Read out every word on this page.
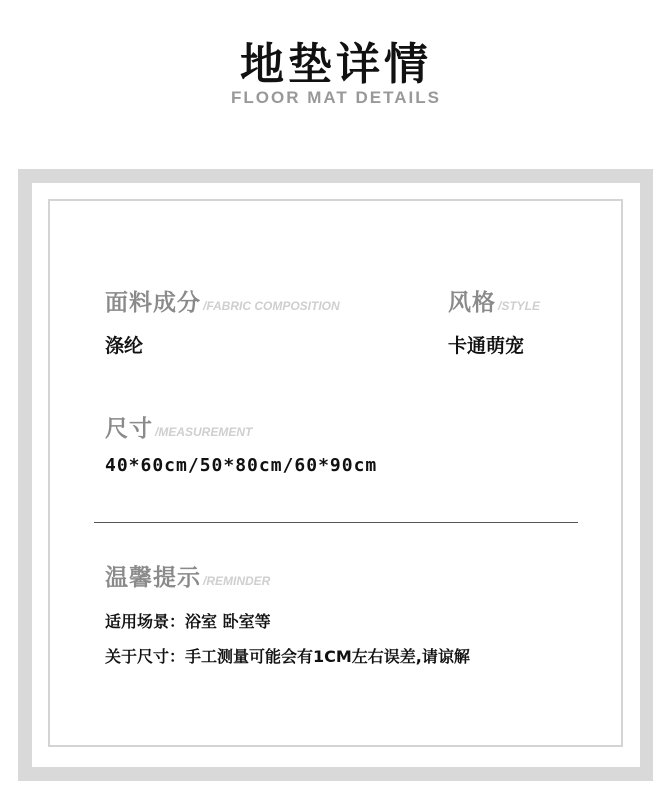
地垫详情
FLOOR MAT DETAILS
面料成分 /FABRIC COMPOSITION
涤纶
风格 /STYLE
卡通萌宠
尺寸 /MEASUREMENT
40*60cm/50*80cm/60*90cm
温馨提示 /REMINDER
适用场景：浴室 卧室等
关于尺寸：手工测量可能会有1CM左右误差,请谅解
